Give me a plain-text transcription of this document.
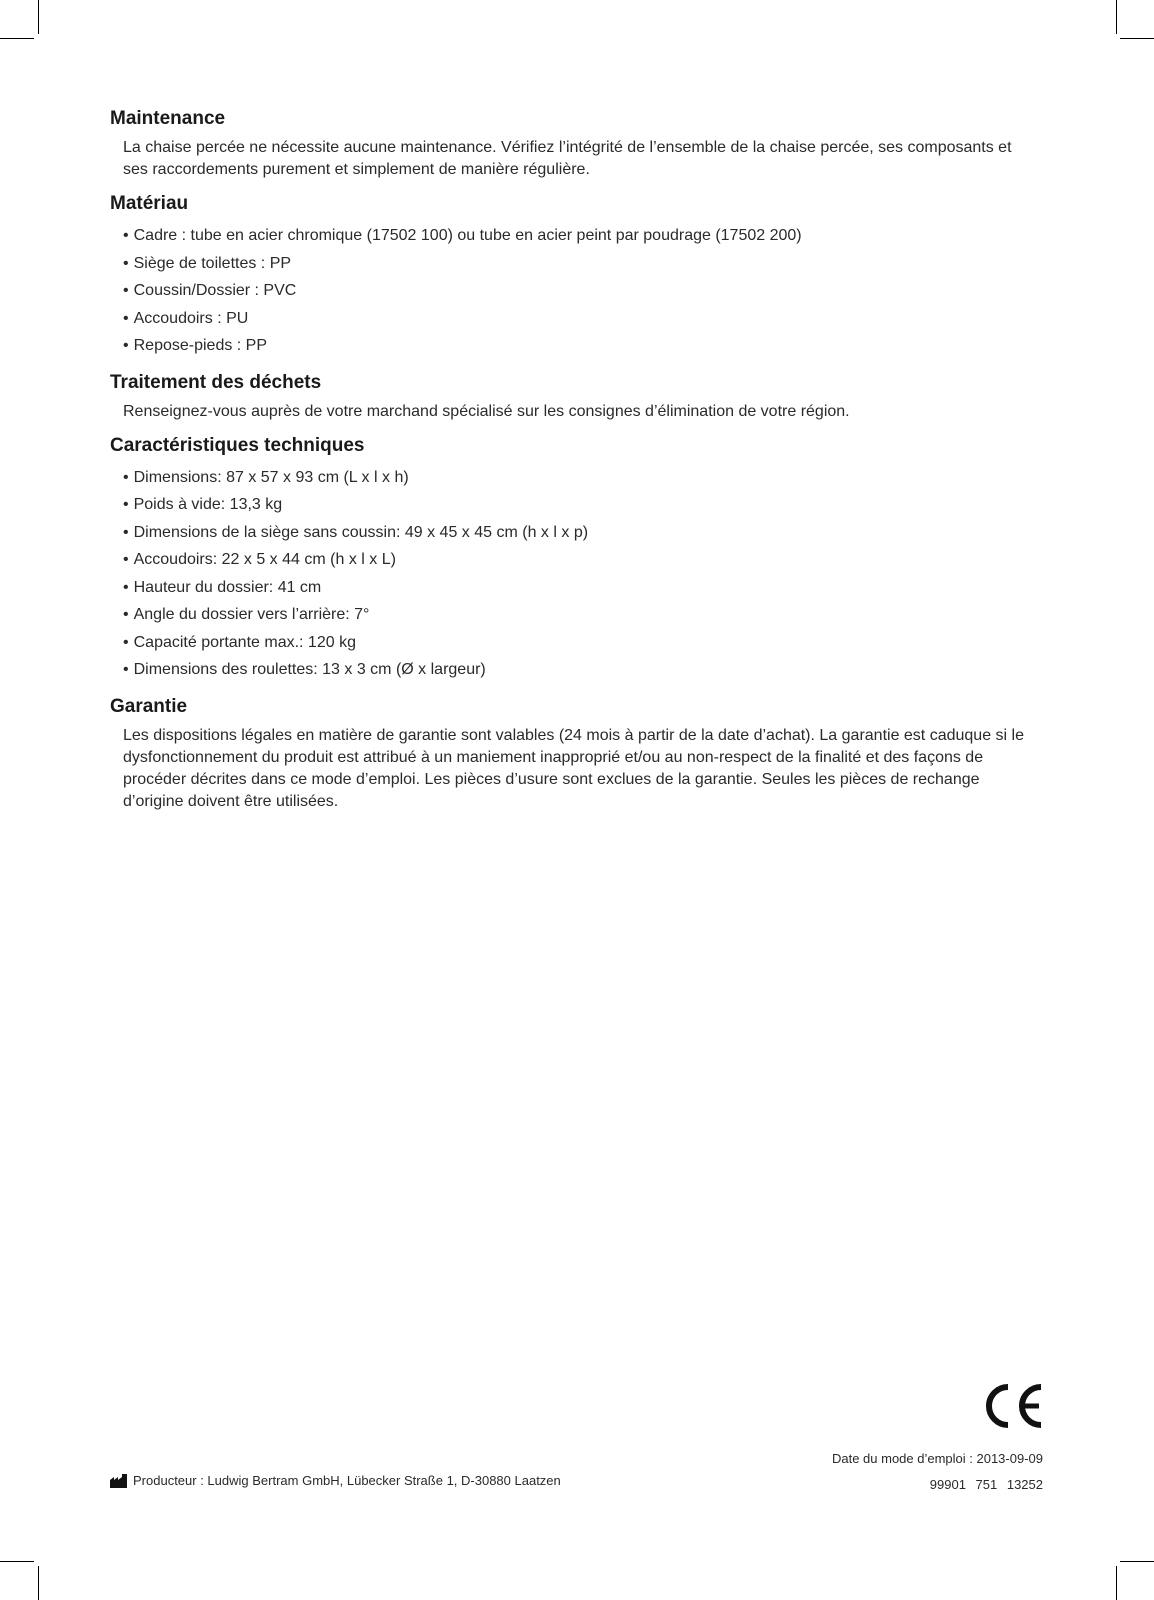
Maintenance

La chaise percée ne nécessite aucune maintenance. Vérifiez l’intégrité de l’ensemble de la chaise percée, ses composants et ses raccordements purement et simplement de manière régulière.

Matériau
• Cadre : tube en acier chromique (17502 100) ou tube en acier peint par poudrage (17502 200)
• Siège de toilettes : PP
• Coussin/Dossier : PVC
• Accoudoirs : PU
• Repose-pieds : PP
Traitement des déchets

Renseignez-vous auprès de votre marchand spécialisé sur les consignes d’élimination de votre région.

Caractéristiques techniques
• Dimensions: 87 x 57 x 93 cm (L x l x h)
• Poids à vide: 13,3 kg
• Dimensions de la siège sans coussin: 49 x 45 x 45 cm (h x l x p)
• Accoudoirs: 22 x 5 x 44 cm (h x l x L)
• Hauteur du dossier: 41 cm
• Angle du dossier vers l’arrière: 7°
• Capacité portante max.: 120 kg
• Dimensions des roulettes: 13 x 3 cm (Ø x largeur)
Garantie

Les dispositions légales en matière de garantie sont valables (24 mois à partir de la date d’achat). La garantie est caduque si le dysfonctionnement du produit est attribué à un maniement inapproprié et/ou au non-respect de la finalité et des façons de procéder décrites dans ce mode d’emploi. Les pièces d’usure sont exclues de la garantie. Seules les pièces de rechange d’origine doivent être utilisées.

Date du mode d’emploi : 2013-09-09
99901 751 13252
Producteur : Ludwig Bertram GmbH, Lübecker Straße 1, D-30880 Laatzen
